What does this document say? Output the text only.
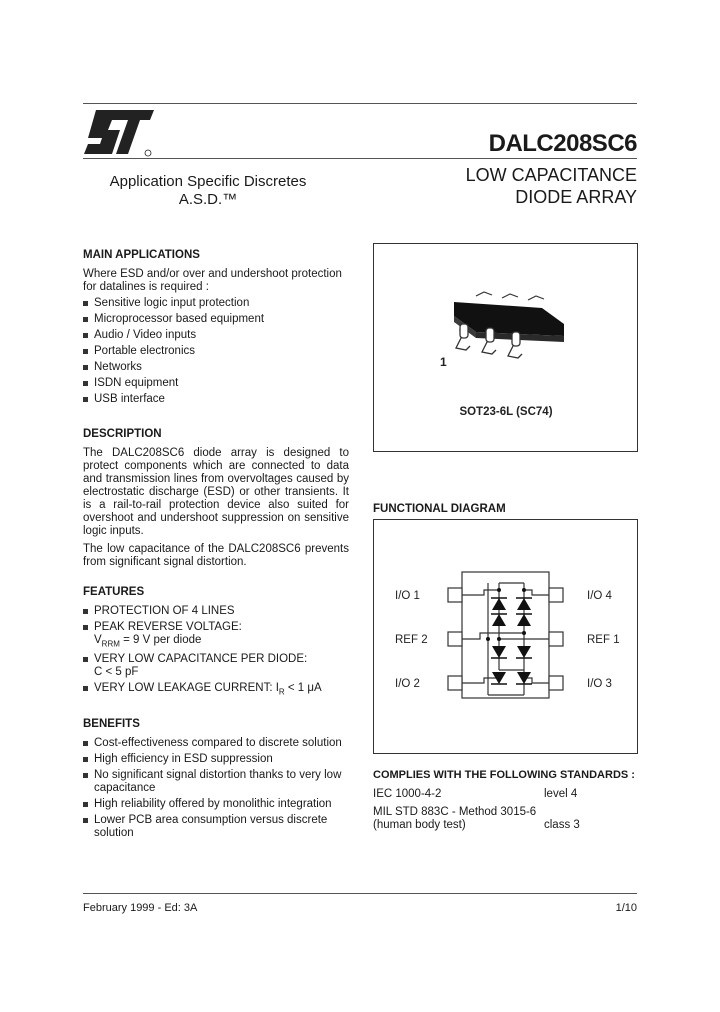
DALC208SC6
LOW CAPACITANCE
DIODE ARRAY
Application Specific Discretes
A.S.D.™
MAIN APPLICATIONS
Where ESD and/or over and undershoot protection for datalines is required :
Sensitive logic input protection
Microprocessor based equipment
Audio / Video inputs
Portable electronics
Networks
ISDN equipment
USB interface
DESCRIPTION
The DALC208SC6 diode array is designed to protect components which are connected to data and transmission lines from overvoltages caused by electrostatic discharge (ESD) or other transients. It is a rail-to-rail protection device also suited for overshoot and undershoot suppression on sensitive logic inputs.
The low capacitance of the DALC208SC6 prevents from significant signal distortion.
FEATURES
PROTECTION OF 4 LINES
PEAK REVERSE VOLTAGE:
$V_{RRM} = 9$ V per diode
VERY LOW CAPACITANCE PER DIODE:
C < 5 pF
VERY LOW LEAKAGE CURRENT: $I_R < 1$ μA
BENEFITS
Cost-effectiveness compared to discrete solution
High efficiency in ESD suppression
No significant signal distortion thanks to very low capacitance
High reliability offered by monolithic integration
Lower PCB area consumption versus discrete solution
1
SOT23-6L (SC74)
FUNCTIONAL DIAGRAM
I/O 1
REF 2
I/O 2
I/O 4
REF 1
I/O 3
COMPLIES WITH THE FOLLOWING STANDARDS :
IEC 1000-4-2	level 4
MIL STD 883C - Method 3015-6
(human body test)	class 3
February 1999 - Ed: 3A	1/10
